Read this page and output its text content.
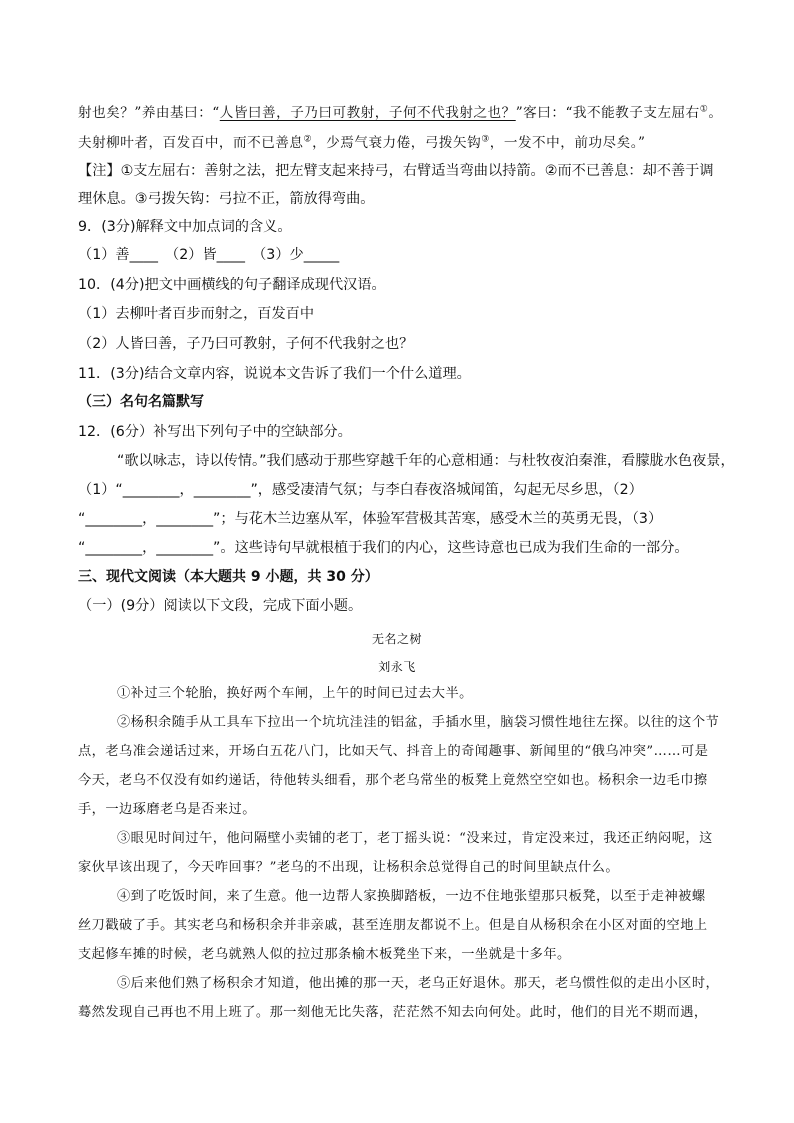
射也矣？”养由基曰：“人皆曰善，子乃曰可教射，子何不代我射之也？”客曰：“我不能教子支左屈右①。
夫射柳叶者，百发百中，而不已善息②，少焉气衰力倦，弓拨矢钩③，一发不中，前功尽矣。”
【注】①支左屈右：善射之法，把左臂支起来持弓，右臂适当弯曲以持箭。②而不已善息：却不善于调
理休息。③弓拨矢钩：弓拉不正，箭放得弯曲。
9．(3分)解释文中加点词的含义。
（1）善____　（2）皆____　（3）少_____
10．(4分)把文中画横线的句子翻译成现代汉语。
（1）去柳叶者百步而射之，百发百中
（2）人皆曰善，子乃曰可教射，子何不代我射之也？
11．(3分)结合文章内容，说说本文告诉了我们一个什么道理。
（三）名句名篇默写
12．(6分）补写出下列句子中的空缺部分。
“歌以咏志，诗以传情。”我们感动于那些穿越千年的心意相通：与杜牧夜泊秦淮，看朦胧水色夜景，
（1）“________，________”，感受凄清气氛；与李白春夜洛城闻笛，勾起无尽乡思，（2）
“________，________”；与花木兰边塞从军，体验军营极其苦寒，感受木兰的英勇无畏，（3）
“________，________”。这些诗句早就根植于我们的内心，这些诗意也已成为我们生命的一部分。
三、现代文阅读（本大题共 9 小题，共 30 分）
（一）(9分）阅读以下文段，完成下面小题。
无名之树
刘永飞
①补过三个轮胎，换好两个车闸，上午的时间已过去大半。
②杨积余随手从工具车下拉出一个坑坑洼洼的铝盆，手插水里，脑袋习惯性地往左探。以往的这个节
点，老乌准会递话过来，开场白五花八门，比如天气、抖音上的奇闻趣事、新闻里的“俄乌冲突”……可是
今天，老乌不仅没有如约递话，待他转头细看，那个老乌常坐的板凳上竟然空空如也。杨积余一边毛巾擦
手，一边琢磨老乌是否来过。
③眼见时间过午，他问隔壁小卖铺的老丁，老丁摇头说：“没来过，肯定没来过，我还正纳闷呢，这
家伙早该出现了，今天咋回事？”老乌的不出现，让杨积余总觉得自己的时间里缺点什么。
④到了吃饭时间，来了生意。他一边帮人家换脚踏板，一边不住地张望那只板凳，以至于走神被螺
丝刀戳破了手。其实老乌和杨积余并非亲戚，甚至连朋友都说不上。但是自从杨积余在小区对面的空地上
支起修车摊的时候，老乌就熟人似的拉过那条榆木板凳坐下来，一坐就是十多年。
⑤后来他们熟了杨积余才知道，他出摊的那一天，老乌正好退休。那天，老乌惯性似的走出小区时，
蓦然发现自己再也不用上班了。那一刻他无比失落，茫茫然不知去向何处。此时，他们的目光不期而遇，
